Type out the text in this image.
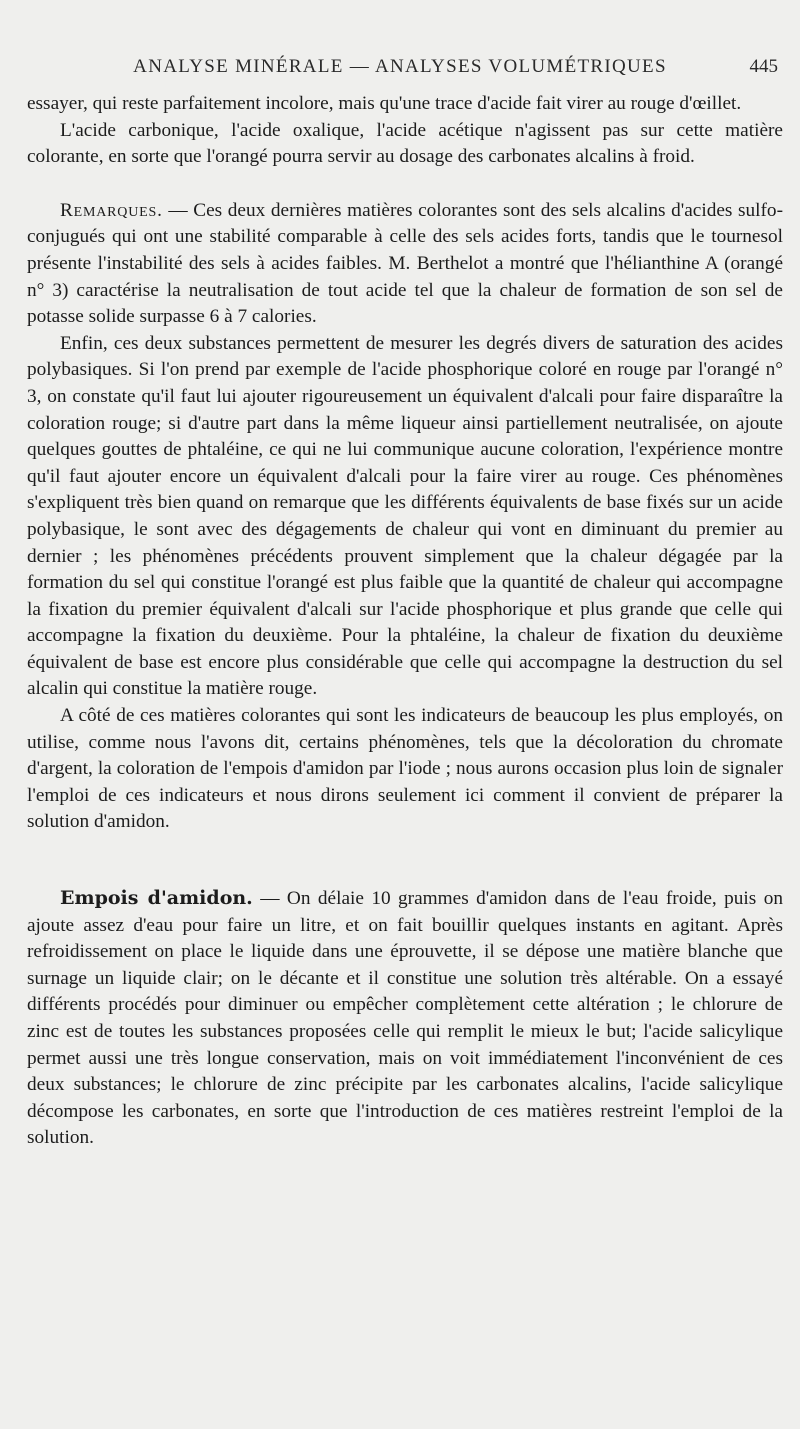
ANALYSE MINÉRALE — ANALYSES VOLUMÉTRIQUES	445

essayer, qui reste parfaitement incolore, mais qu'une trace d'acide fait virer au rouge d'œillet.

L'acide carbonique, l'acide oxalique, l'acide acétique n'agissent pas sur cette matière colorante, en sorte que l'orangé pourra servir au dosage des carbonates alcalins à froid.

Remarques. — Ces deux dernières matières colorantes sont des sels alcalins d'acides sulfo-conjugués qui ont une stabilité comparable à celle des sels acides forts, tandis que le tournesol présente l'instabilité des sels à acides faibles. M. Berthelot a montré que l'hélianthine A (orangé n° 3) caractérise la neutralisation de tout acide tel que la chaleur de formation de son sel de potasse solide surpasse 6 à 7 calories.

Enfin, ces deux substances permettent de mesurer les degrés divers de saturation des acides polybasiques. Si l'on prend par exemple de l'acide phosphorique coloré en rouge par l'orangé n° 3, on constate qu'il faut lui ajouter rigoureusement un équivalent d'alcali pour faire disparaître la coloration rouge; si d'autre part dans la même liqueur ainsi partiellement neutralisée, on ajoute quelques gouttes de phtaléine, ce qui ne lui communique aucune coloration, l'expérience montre qu'il faut ajouter encore un équivalent d'alcali pour la faire virer au rouge. Ces phénomènes s'expliquent très bien quand on remarque que les différents équivalents de base fixés sur un acide polybasique, le sont avec des dégagements de chaleur qui vont en diminuant du premier au dernier ; les phénomènes précédents prouvent simplement que la chaleur dégagée par la formation du sel qui constitue l'orangé est plus faible que la quantité de chaleur qui accompagne la fixation du premier équivalent d'alcali sur l'acide phosphorique et plus grande que celle qui accompagne la fixation du deuxième. Pour la phtaléine, la chaleur de fixation du deuxième équivalent de base est encore plus considérable que celle qui accompagne la destruction du sel alcalin qui constitue la matière rouge.

A côté de ces matières colorantes qui sont les indicateurs de beaucoup les plus employés, on utilise, comme nous l'avons dit, certains phénomènes, tels que la décoloration du chromate d'argent, la coloration de l'empois d'amidon par l'iode ; nous aurons occasion plus loin de signaler l'emploi de ces indicateurs et nous dirons seulement ici comment il convient de préparer la solution d'amidon.

Empois d'amidon. — On délaie 10 grammes d'amidon dans de l'eau froide, puis on ajoute assez d'eau pour faire un litre, et on fait bouillir quelques instants en agitant. Après refroidissement on place le liquide dans une éprouvette, il se dépose une matière blanche que surnage un liquide clair; on le décante et il constitue une solution très altérable. On a essayé différents procédés pour diminuer ou empêcher complètement cette altération ; le chlorure de zinc est de toutes les substances proposées celle qui remplit le mieux le but; l'acide salicylique permet aussi une très longue conservation, mais on voit immédiatement l'inconvénient de ces deux substances; le chlorure de zinc précipite par les carbonates alcalins, l'acide salicylique décompose les carbonates, en sorte que l'introduction de ces matières restreint l'emploi de la solution.
